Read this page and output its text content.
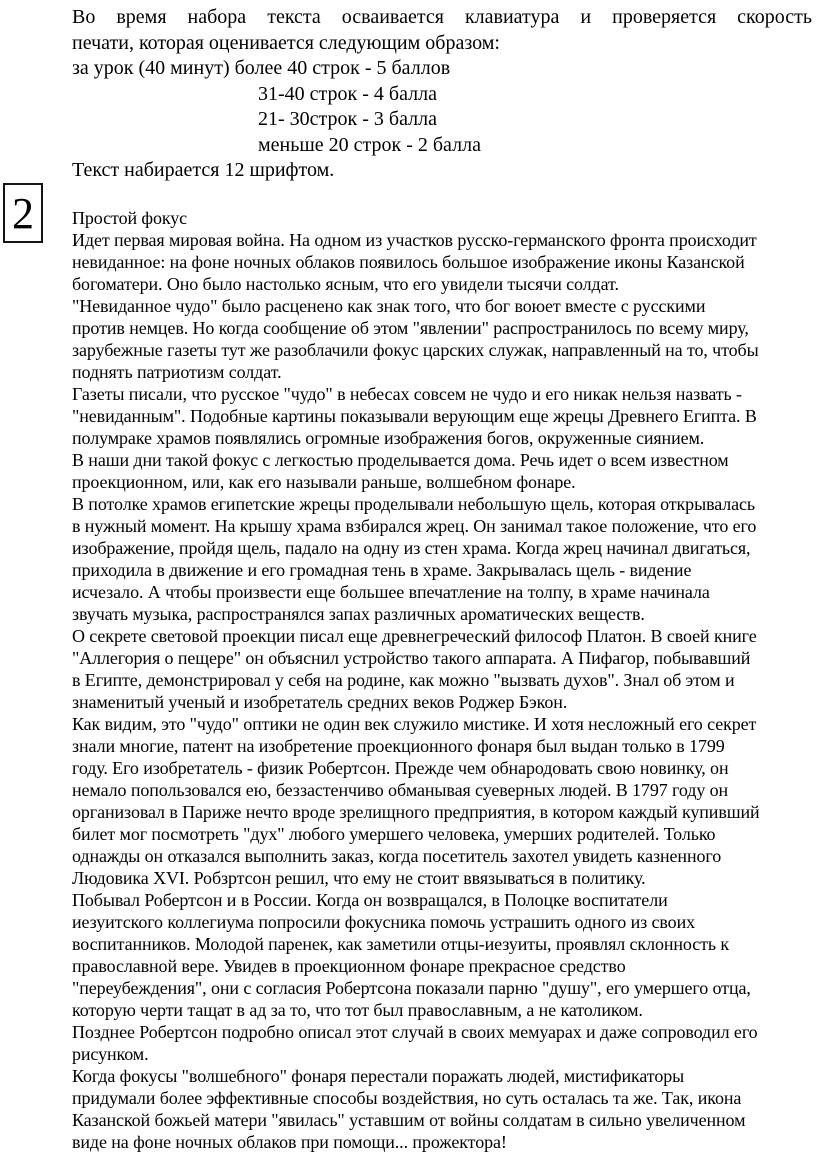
Во время набора текста осваивается клавиатура и проверяется скорость
печати, которая оценивается следующим образом:
за урок (40 минут) более 40 строк - 5 баллов
31-40 строк - 4 балла
21- 30строк - 3 балла
меньше 20 строк - 2 балла
Текст набирается 12 шрифтом.
2 Простой фокус
Идет первая мировая война. На одном из участков русско-германского фронта происходит
невиданное: на фоне ночных облаков появилось большое изображение иконы Казанской
богоматери. Оно было настолько ясным, что его увидели тысячи солдат.
"Невиданное чудо" было расценено как знак того, что бог воюет вместе с русскими
против немцев. Но когда сообщение об этом "явлении" распространилось по всему миру,
зарубежные газеты тут же разоблачили фокус царских служак, направленный на то, чтобы
поднять патриотизм солдат.
Газеты писали, что русское "чудо" в небесах совсем не чудо и его никак нельзя назвать -
"невиданным". Подобные картины показывали верующим еще жрецы Древнего Египта. В
полумраке храмов появлялись огромные изображения богов, окруженные сиянием.
В наши дни такой фокус с легкостью проделывается дома. Речь идет о всем известном
проекционном, или, как его называли раньше, волшебном фонаре.
В потолке храмов египетские жрецы проделывали небольшую щель, которая открывалась
в нужный момент. На крышу храма взбирался жрец. Он занимал такое положение, что его
изображение, пройдя щель, падало на одну из стен храма. Когда жрец начинал двигаться,
приходила в движение и его громадная тень в храме. Закрывалась щель - видение
исчезало. А чтобы произвести еще большее впечатление на толпу, в храме начинала
звучать музыка, распространялся запах различных ароматических веществ.
О секрете световой проекции писал еще древнегреческий философ Платон. В своей книге
"Аллегория о пещере" он объяснил устройство такого аппарата. А Пифагор, побывавший
в Египте, демонстрировал у себя на родине, как можно "вызвать духов". Знал об этом и
знаменитый ученый и изобретатель средних веков Роджер Бэкон.
Как видим, это "чудо" оптики не один век служило мистике. И хотя несложный его секрет
знали многие, патент на изобретение проекционного фонаря был выдан только в 1799
году. Его изобретатель - физик Робертсон. Прежде чем обнародовать свою новинку, он
немало попользовался ею, беззастенчиво обманывая суеверных людей. В 1797 году он
организовал в Париже нечто вроде зрелищного предприятия, в котором каждый купивший
билет мог посмотреть "дух" любого умершего человека, умерших родителей. Только
однажды он отказался выполнить заказ, когда посетитель захотел увидеть казненного
Людовика XVI. Робзртсон решил, что ему не стоит ввязываться в политику.
Побывал Робертсон и в России. Когда он возвращался, в Полоцке воспитатели
иезуитского коллегиума попросили фокусника помочь устрашить одного из своих
воспитанников. Молодой паренек, как заметили отцы-иезуиты, проявлял склонность к
православной вере. Увидев в проекционном фонаре прекрасное средство
"переубеждения", они с согласия Робертсона показали парню "душу", его умершего отца,
которую черти тащат в ад за то, что тот был православным, а не католиком.
Позднее Робертсон подробно описал этот случай в своих мемуарах и даже сопроводил его
рисунком.
Когда фокусы "волшебного" фонаря перестали поражать людей, мистификаторы
придумали более эффективные способы воздействия, но суть осталась та же. Так, икона
Казанской божьей матери "явилась" уставшим от войны солдатам в сильно увеличенном
виде на фоне ночных облаков при помощи... прожектора!
